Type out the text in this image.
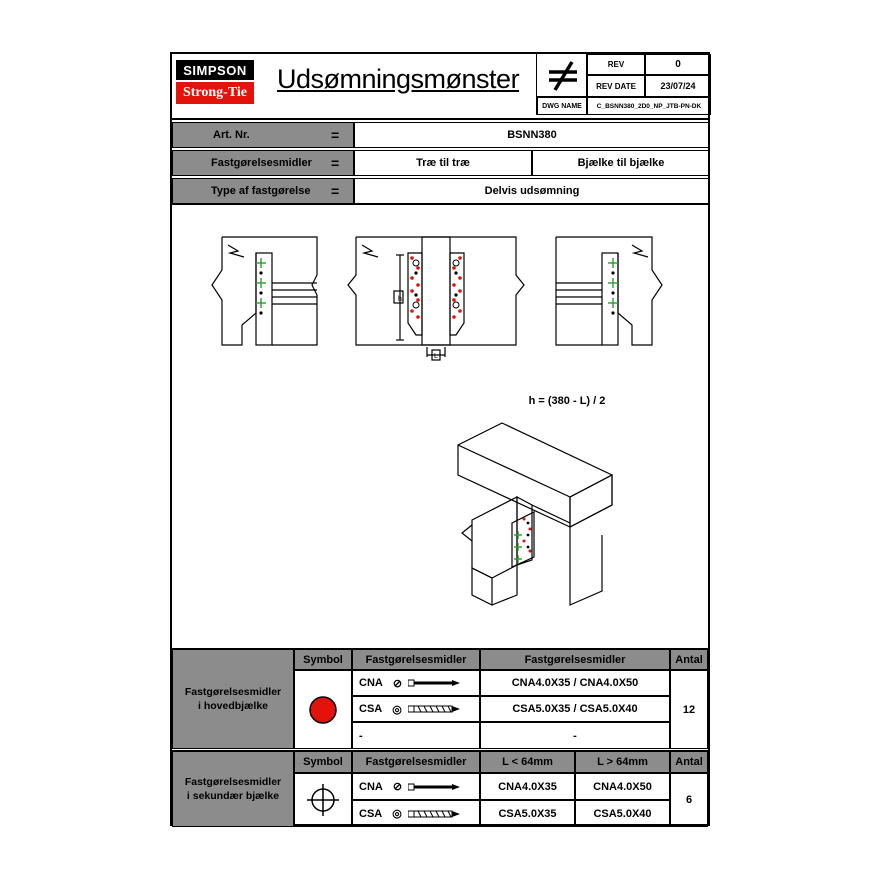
SIMPSON
Strong-Tie Udsømningsmønster	REV	0
REV DATE	23/07/24
DWG NAME	C_BSNN380_2D0_NP_JTB-PN-DK
Art. Nr.	=	BSNN380
Fastgørelsesmidler =	Træ til træ	Bjælke til bjælke
Type af fastgørelse =	Delvis udsømning
h
L
h = (380 - L) / 2
Fastgørelsesmidler
i hovedbjælke
Symbol	Fastgørelsesmidler	Fastgørelsesmidler	Antal
CNA ⊘	CNA4.0X35 / CNA4.0X50
CSA ◎	CSA5.0X35 / CSA5.0X40
-	-
12
Fastgørelsesmidler
i sekundær bjælke
Symbol	Fastgørelsesmidler	L < 64mm	L > 64mm	Antal
CNA ⊘	CNA4.0X35	CNA4.0X50
CSA ◎	CSA5.0X35	CSA5.0X40
6
